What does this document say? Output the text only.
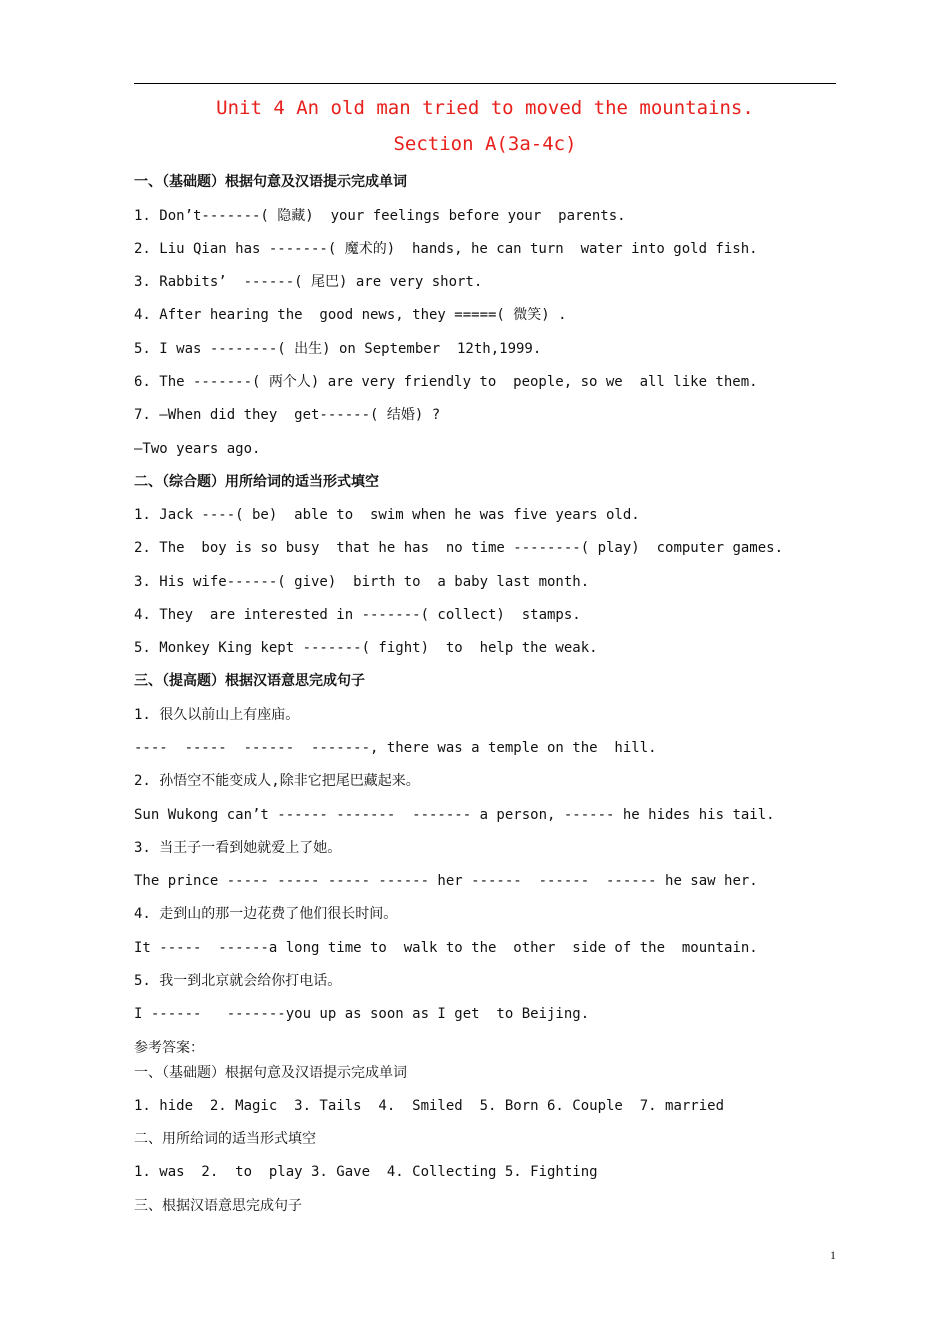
Unit 4 An old man tried to moved the mountains.
Section A(3a-4c)
一、（基础题）根据句意及汉语提示完成单词
1. Don’t-------( 隐藏)  your feelings before your  parents.
2. Liu Qian has -------( 魔术的)  hands, he can turn  water into gold fish.
3. Rabbits’  ------( 尾巴) are very short.
4. After hearing the  good news, they =====( 微笑) .
5. I was --------( 出生) on September  12th,1999.
6. The -------( 两个人) are very friendly to  people, so we  all like them.
7. —When did they  get------( 结婚) ?
—Two years ago.
二、（综合题）用所给词的适当形式填空
1. Jack ----( be)  able to  swim when he was five years old.
2. The  boy is so busy  that he has  no time --------( play)  computer games.
3. His wife------( give)  birth to  a baby last month.
4. They  are interested in -------( collect)  stamps.
5. Monkey King kept -------( fight)  to  help the weak.
三、（提高题）根据汉语意思完成句子
1. 很久以前山上有座庙。
----  -----  ------  -------, there was a temple on the  hill.
2. 孙悟空不能变成人,除非它把尾巴藏起来。
Sun Wukong can’t ------ -------  ------- a person, ------ he hides his tail.
3. 当王子一看到她就爱上了她。
The prince ----- ----- ----- ------ her ------  ------  ------ he saw her.
4. 走到山的那一边花费了他们很长时间。
It -----  ------a long time to  walk to the  other  side of the  mountain.
5. 我一到北京就会给你打电话。
I ------   -------you up as soon as I get  to Beijing.
参考答案：
一、（基础题）根据句意及汉语提示完成单词
1. hide  2. Magic  3. Tails  4.  Smiled  5. Born 6. Couple  7. married
二、用所给词的适当形式填空
1. was  2.  to  play 3. Gave  4. Collecting 5. Fighting
三、根据汉语意思完成句子
1
